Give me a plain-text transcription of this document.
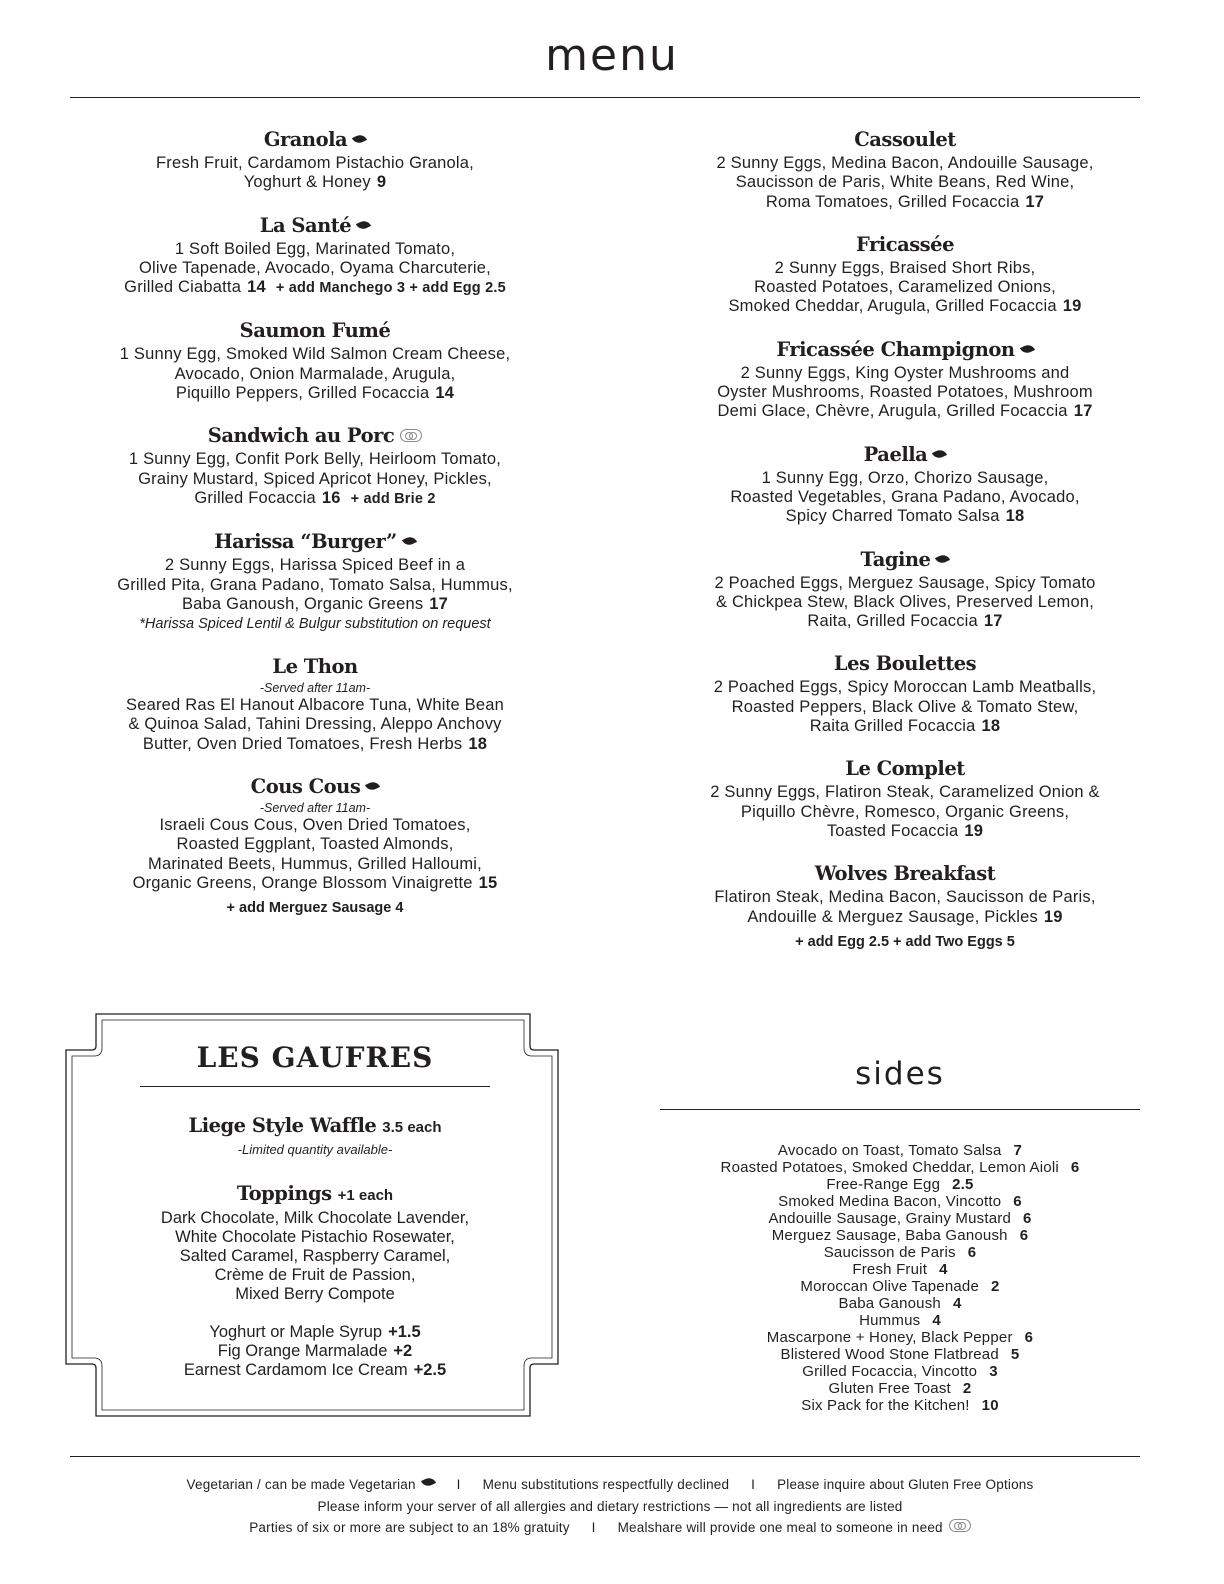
menu
Granola
Fresh Fruit, Cardamom Pistachio Granola,
Yoghurt & Honey 9
La Santé
1 Soft Boiled Egg, Marinated Tomato,
Olive Tapenade, Avocado, Oyama Charcuterie,
Grilled Ciabatta 14 + add Manchego 3 + add Egg 2.5
Saumon Fumé
1 Sunny Egg, Smoked Wild Salmon Cream Cheese,
Avocado, Onion Marmalade, Arugula,
Piquillo Peppers, Grilled Focaccia 14
Sandwich au Porc
1 Sunny Egg, Confit Pork Belly, Heirloom Tomato,
Grainy Mustard, Spiced Apricot Honey, Pickles,
Grilled Focaccia 16 + add Brie 2
Harissa “Burger”
2 Sunny Eggs, Harissa Spiced Beef in a
Grilled Pita, Grana Padano, Tomato Salsa, Hummus,
Baba Ganoush, Organic Greens 17
*Harissa Spiced Lentil & Bulgur substitution on request
Le Thon
-Served after 11am-
Seared Ras El Hanout Albacore Tuna, White Bean
& Quinoa Salad, Tahini Dressing, Aleppo Anchovy
Butter, Oven Dried Tomatoes, Fresh Herbs 18
Cous Cous
-Served after 11am-
Israeli Cous Cous, Oven Dried Tomatoes,
Roasted Eggplant, Toasted Almonds,
Marinated Beets, Hummus, Grilled Halloumi,
Organic Greens, Orange Blossom Vinaigrette 15
+ add Merguez Sausage 4
Cassoulet
2 Sunny Eggs, Medina Bacon, Andouille Sausage,
Saucisson de Paris, White Beans, Red Wine,
Roma Tomatoes, Grilled Focaccia 17
Fricassée
2 Sunny Eggs, Braised Short Ribs,
Roasted Potatoes, Caramelized Onions,
Smoked Cheddar, Arugula, Grilled Focaccia 19
Fricassée Champignon
2 Sunny Eggs, King Oyster Mushrooms and
Oyster Mushrooms, Roasted Potatoes, Mushroom
Demi Glace, Chèvre, Arugula, Grilled Focaccia 17
Paella
1 Sunny Egg, Orzo, Chorizo Sausage,
Roasted Vegetables, Grana Padano, Avocado,
Spicy Charred Tomato Salsa 18
Tagine
2 Poached Eggs, Merguez Sausage, Spicy Tomato
& Chickpea Stew, Black Olives, Preserved Lemon,
Raita, Grilled Focaccia 17
Les Boulettes
2 Poached Eggs, Spicy Moroccan Lamb Meatballs,
Roasted Peppers, Black Olive & Tomato Stew,
Raita Grilled Focaccia 18
Le Complet
2 Sunny Eggs, Flatiron Steak, Caramelized Onion &
Piquillo Chèvre, Romesco, Organic Greens,
Toasted Focaccia 19
Wolves Breakfast
Flatiron Steak, Medina Bacon, Saucisson de Paris,
Andouille & Merguez Sausage, Pickles 19
+ add Egg 2.5 + add Two Eggs 5
LES GAUFRES
Liege Style Waffle 3.5 each
-Limited quantity available-
Toppings +1 each
Dark Chocolate, Milk Chocolate Lavender,
White Chocolate Pistachio Rosewater,
Salted Caramel, Raspberry Caramel,
Crème de Fruit de Passion,
Mixed Berry Compote
Yoghurt or Maple Syrup +1.5
Fig Orange Marmalade +2
Earnest Cardamom Ice Cream +2.5
sides
Avocado on Toast, Tomato Salsa 7
Roasted Potatoes, Smoked Cheddar, Lemon Aioli 6
Free-Range Egg 2.5
Smoked Medina Bacon, Vincotto 6
Andouille Sausage, Grainy Mustard 6
Merguez Sausage, Baba Ganoush 6
Saucisson de Paris 6
Fresh Fruit 4
Moroccan Olive Tapenade 2
Baba Ganoush 4
Hummus 4
Mascarpone + Honey, Black Pepper 6
Blistered Wood Stone Flatbread 5
Grilled Focaccia, Vincotto 3
Gluten Free Toast 2
Six Pack for the Kitchen! 10
Vegetarian / can be made Vegetarian	I Menu substitutions respectfully declined I Please inquire about Gluten Free Options
Please inform your server of all allergies and dietary restrictions — not all ingredients are listed
Parties of six or more are subject to an 18% gratuity I Mealshare will provide one meal to someone in need
